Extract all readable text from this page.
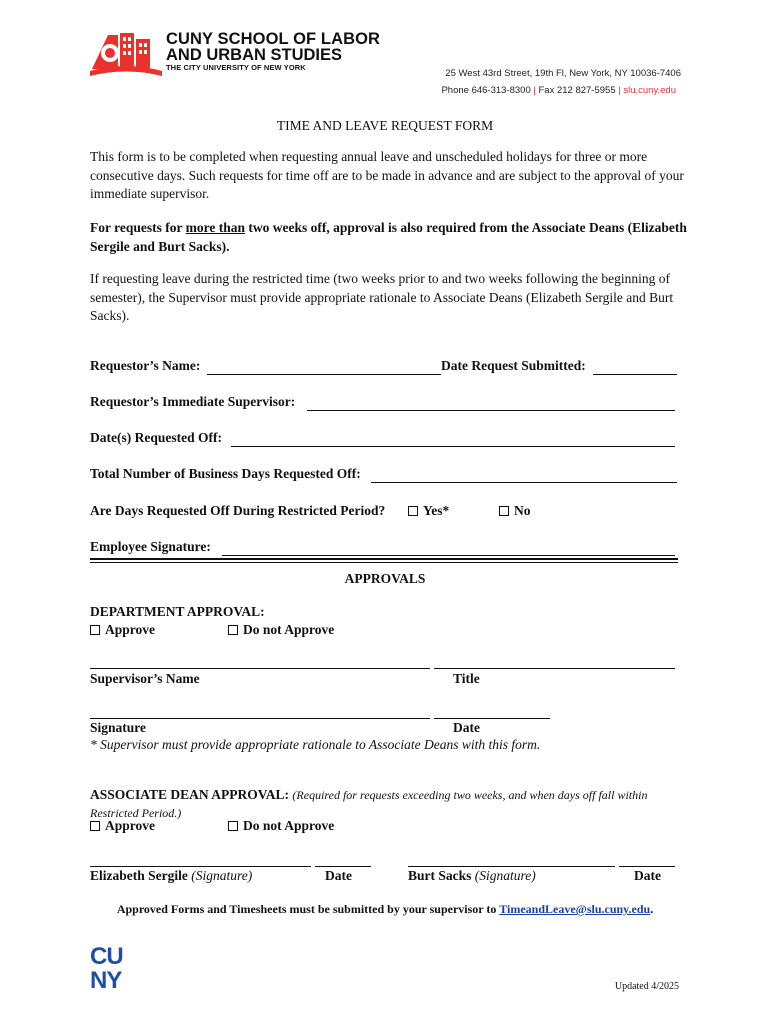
CUNY SCHOOL OF LABOR
AND URBAN STUDIES
THE CITY UNIVERSITY OF NEW YORK
25 West 43rd Street, 19th Fl, New York, NY 10036-7406
Phone 646-313-8300 | Fax 212 827-5955 | slu.cuny.edu
TIME AND LEAVE REQUEST FORM

This form is to be completed when requesting annual leave and unscheduled holidays for three or more consecutive days. Such requests for time off are to be made in advance and are subject to the approval of your immediate supervisor.

For requests for more than two weeks off, approval is also required from the Associate Deans (Elizabeth Sergile and Burt Sacks).

If requesting leave during the restricted time (two weeks prior to and two weeks following the beginning of semester), the Supervisor must provide appropriate rationale to Associate Deans (Elizabeth Sergile and Burt Sacks).

Requestor’s Name:	Date Request Submitted:
Requestor’s Immediate Supervisor:
Date(s) Requested Off:
Total Number of Business Days Requested Off:
Are Days Requested Off During Restricted Period?	Yes*	No
Employee Signature:
APPROVALS
DEPARTMENT APPROVAL:
Approve	Do not Approve
Supervisor’s Name	Title
Signature	Date
* Supervisor must provide appropriate rationale to Associate Deans with this form.
ASSOCIATE DEAN APPROVAL: (Required for requests exceeding two weeks, and when days off fall within Restricted Period.)
Approve	Do not Approve
Elizabeth Sergile (Signature)	Date	Burt Sacks (Signature)	Date
Approved Forms and Timesheets must be submitted by your supervisor to TimeandLeave@slu.cuny.edu.
CU
NY	Updated 4/2025
